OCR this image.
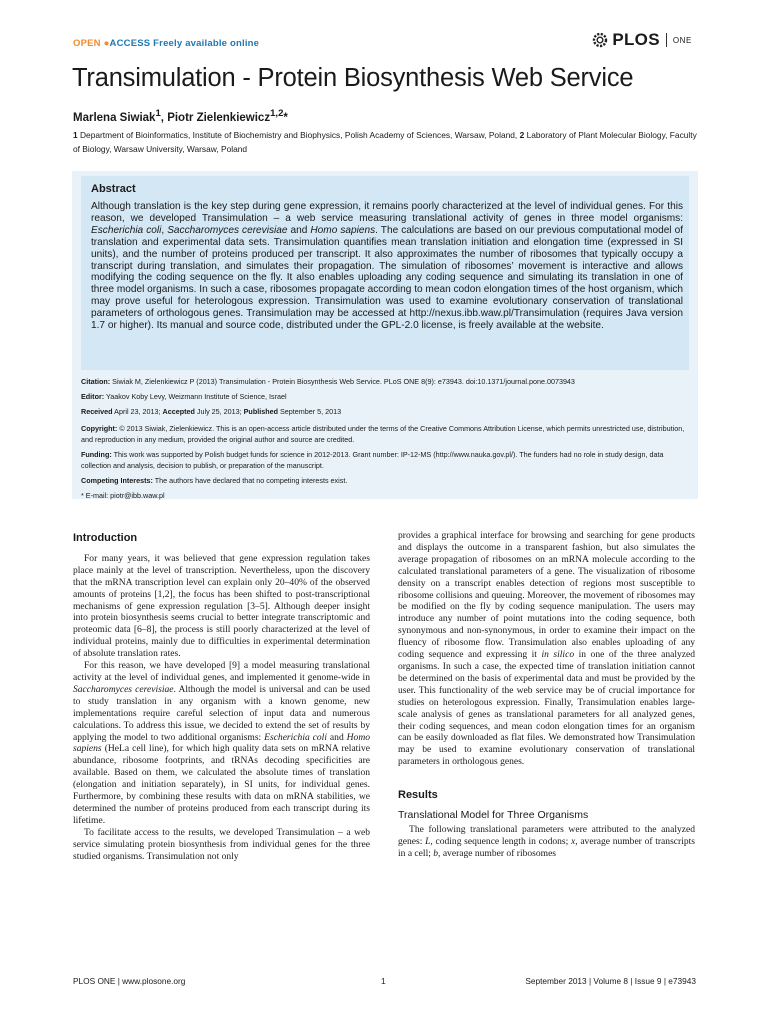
OPEN ●ACCESS Freely available online	PLOS ONE
Transimulation - Protein Biosynthesis Web Service
Marlena Siwiak$^1$, Piotr Zielenkiewicz$^{1,2}$*
1 Department of Bioinformatics, Institute of Biochemistry and Biophysics, Polish Academy of Sciences, Warsaw, Poland, 2 Laboratory of Plant Molecular Biology, Faculty of Biology, Warsaw University, Warsaw, Poland
Abstract
Although translation is the key step during gene expression, it remains poorly characterized at the level of individual genes. For this reason, we developed Transimulation – a web service measuring translational activity of genes in three model organisms: Escherichia coli, Saccharomyces cerevisiae and Homo sapiens. The calculations are based on our previous computational model of translation and experimental data sets. Transimulation quantifies mean translation initiation and elongation time (expressed in SI units), and the number of proteins produced per transcript. It also approximates the number of ribosomes that typically occupy a transcript during translation, and simulates their propagation. The simulation of ribosomes’ movement is interactive and allows modifying the coding sequence on the fly. It also enables uploading any coding sequence and simulating its translation in one of three model organisms. In such a case, ribosomes propagate according to mean codon elongation times of the host organism, which may prove useful for heterologous expression. Transimulation was used to examine evolutionary conservation of translational parameters of orthologous genes. Transimulation may be accessed at http://nexus.ibb.waw.pl/Transimulation (requires Java version 1.7 or higher). Its manual and source code, distributed under the GPL-2.0 license, is freely available at the website.
Citation: Siwiak M, Zielenkiewicz P (2013) Transimulation - Protein Biosynthesis Web Service. PLoS ONE 8(9): e73943. doi:10.1371/journal.pone.0073943
Editor: Yaakov Koby Levy, Weizmann Institute of Science, Israel
Received April 23, 2013; Accepted July 25, 2013; Published September 5, 2013
Copyright: © 2013 Siwiak, Zielenkiewicz. This is an open-access article distributed under the terms of the Creative Commons Attribution License, which permits unrestricted use, distribution, and reproduction in any medium, provided the original author and source are credited.
Funding: This work was supported by Polish budget funds for science in 2012-2013. Grant number: IP-12-MS (http://www.nauka.gov.pl/). The funders had no role in study design, data collection and analysis, decision to publish, or preparation of the manuscript.
Competing Interests: The authors have declared that no competing interests exist.
* E-mail: piotr@ibb.waw.pl
Introduction

For many years, it was believed that gene expression regulation takes place mainly at the level of transcription. Nevertheless, upon the discovery that the mRNA transcription level can explain only 20–40% of the observed amounts of proteins [1,2], the focus has been shifted to post-transcriptional mechanisms of gene expression regulation [3–5]. Although deeper insight into protein biosynthesis seems crucial to better integrate transcriptomic and proteomic data [6–8], the process is still poorly characterized at the level of individual proteins, mainly due to difficulties in experimental determination of absolute translation rates.

For this reason, we have developed [9] a model measuring translational activity at the level of individual genes, and implemented it genome-wide in Saccharomyces cerevisiae. Although the model is universal and can be used to study translation in any organism with a known genome, new implementations require careful selection of input data and numerous calculations. To address this issue, we decided to extend the set of results by applying the model to two additional organisms: Escherichia coli and Homo sapiens (HeLa cell line), for which high quality data sets on mRNA relative abundance, ribosome footprints, and tRNAs decoding specificities are available. Based on them, we calculated the absolute times of translation (elongation and initiation separately), in SI units, for individual genes. Furthermore, by combining these results with data on mRNA stabilities, we determined the number of proteins produced from each transcript during its lifetime.

To facilitate access to the results, we developed Transimulation – a web service simulating protein biosynthesis from individual genes for the three studied organisms. Transimulation not only

provides a graphical interface for browsing and searching for gene products and displays the outcome in a transparent fashion, but also simulates the average propagation of ribosomes on an mRNA molecule according to the calculated translational parameters of a gene. The visualization of ribosome density on a transcript enables detection of regions most susceptible to ribosome collisions and queuing. Moreover, the movement of ribosomes may be modified on the fly by coding sequence manipulation. The users may introduce any number of point mutations into the coding sequence, both synonymous and non-synonymous, in order to examine their impact on the fluency of ribosome flow. Transimulation also enables uploading of any coding sequence and expressing it in silico in one of the three analyzed organisms. In such a case, the expected time of translation initiation cannot be determined on the basis of experimental data and must be provided by the user. This functionality of the web service may be of crucial importance for studies on heterologous expression. Finally, Transimulation enables large-scale analysis of genes as translational parameters for all analyzed genes, their coding sequences, and mean codon elongation times for an organism can be easily downloaded as flat files. We demonstrated how Transimulation may be used to examine evolutionary conservation of translational parameters in orthologous genes.

Results
Translational Model for Three Organisms

The following translational parameters were attributed to the analyzed genes: L, coding sequence length in codons; x, average number of transcripts in a cell; b, average number of ribosomes

PLOS ONE | www.plosone.org	1	September 2013 | Volume 8 | Issue 9 | e73943
